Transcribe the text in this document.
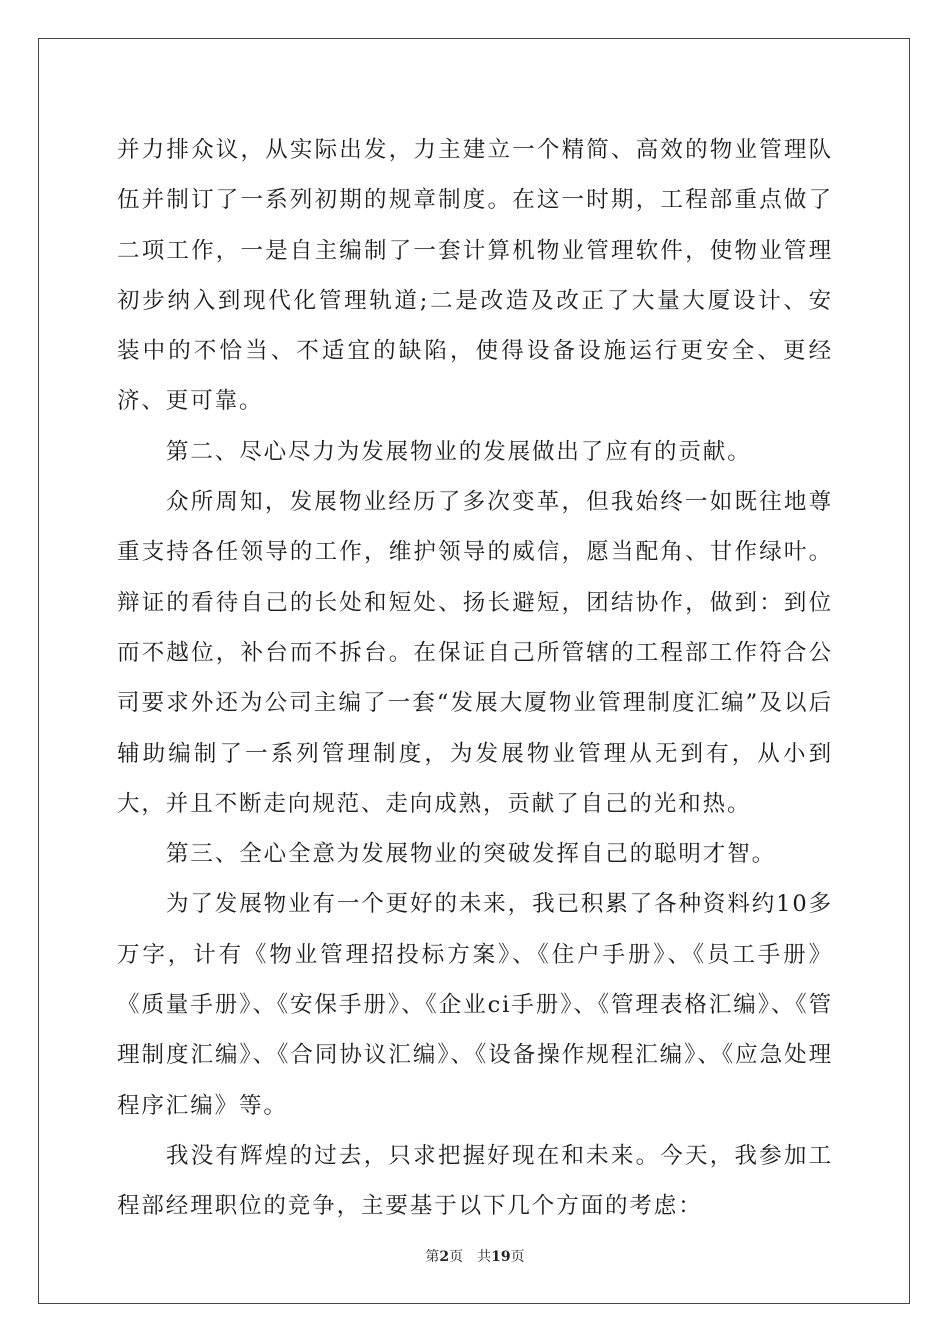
并力排众议，从实际出发，力主建立一个精简、高效的物业管理队伍并制订了一系列初期的规章制度。在这一时期，工程部重点做了二项工作，一是自主编制了一套计算机物业管理软件，使物业管理初步纳入到现代化管理轨道;二是改造及改正了大量大厦设计、安装中的不恰当、不适宜的缺陷，使得设备设施运行更安全、更经济、更可靠。

第二、尽心尽力为发展物业的发展做出了应有的贡献。

众所周知，发展物业经历了多次变革，但我始终一如既往地尊重支持各任领导的工作，维护领导的威信，愿当配角、甘作绿叶。辩证的看待自己的长处和短处、扬长避短，团结协作，做到：到位而不越位，补台而不拆台。在保证自己所管辖的工程部工作符合公司要求外还为公司主编了一套“发展大厦物业管理制度汇编”及以后辅助编制了一系列管理制度，为发展物业管理从无到有，从小到大，并且不断走向规范、走向成熟，贡献了自己的光和热。

第三、全心全意为发展物业的突破发挥自己的聪明才智。

为了发展物业有一个更好的未来，我已积累了各种资料约10多万字，计有《物业管理招投标方案》、《住户手册》、《员工手册》《质量手册》、《安保手册》、《企业ci手册》、《管理表格汇编》、《管理制度汇编》、《合同协议汇编》、《设备操作规程汇编》、《应急处理程序汇编》等。

我没有辉煌的过去，只求把握好现在和未来。今天，我参加工程部经理职位的竞争，主要基于以下几个方面的考虑：

第2页 共19页
